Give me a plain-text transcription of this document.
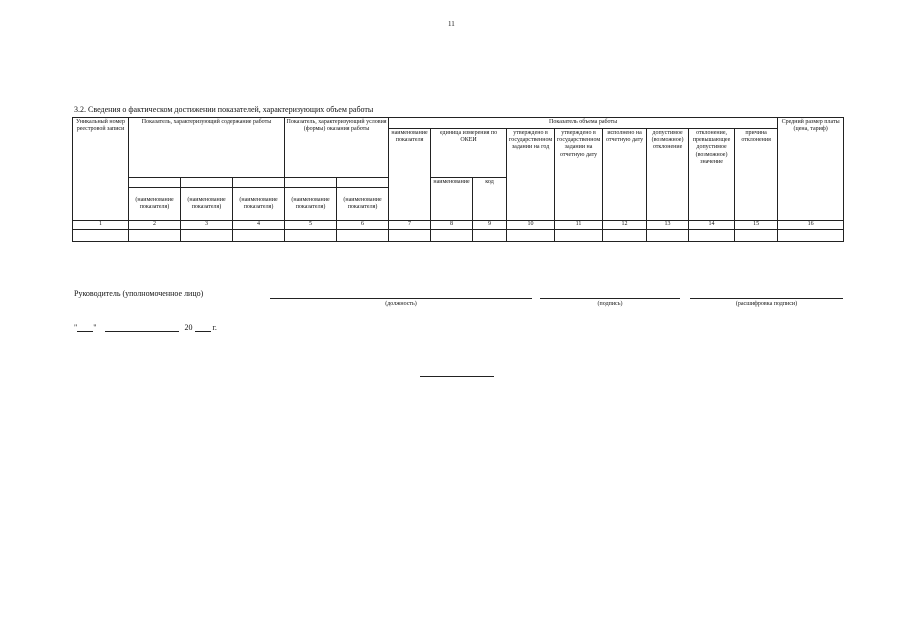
11
3.2. Сведения о фактическом достижении показателей, характеризующих объем работы
Уникальный номер реестровой записи	Показатель, характеризующий содержание работы			Показатель, характеризующий условия (формы) оказания работы		Показатель объема работы									Средний размер платы (цена, тариф)
						наименование показателя	единица измерения по ОКЕИ		утверждено в государственном задании на год	утверждено в государственном задании на отчетную дату	исполнено на отчетную дату	допустимое (возможное) отклонение	отклонение, превышающее допустимое (возможное) значение	причина отклонения	
							наименование	код							
	(наименование показателя)	(наименование показателя)	(наименование показателя)	(наименование показателя)	(наименование показателя)										
1	2	3	4	5	6	7	8	9	10	11	12	13	14	15	16

Руководитель (уполномоченное лицо)
(должность)	(подпись)	(расшифровка подписи)
" "	20	г.
